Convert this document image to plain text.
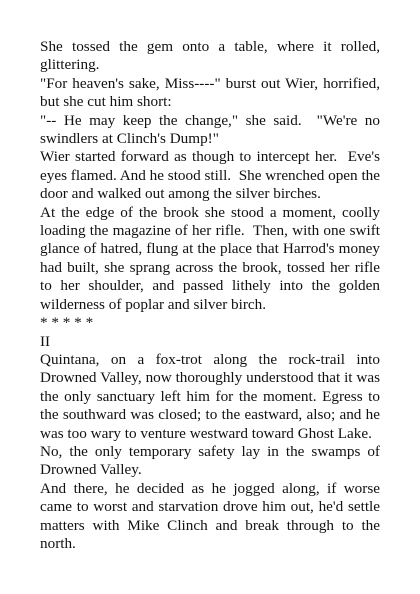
She tossed the gem onto a table, where it rolled, glittering.

"For heaven's sake, Miss----" burst out Wier, horrified, but she cut him short:

"-- He may keep the change," she said.  "We're no swindlers at Clinch's Dump!"

Wier started forward as though to intercept her.  Eve's eyes flamed. And he stood still.  She wrenched open the door and walked out among the silver birches.

At the edge of the brook she stood a moment, coolly loading the magazine of her rifle.  Then, with one swift glance of hatred, flung at the place that Harrod's money had built, she sprang across the brook, tossed her rifle to her shoulder, and passed lithely into the golden wilderness of poplar and silver birch.

* * * * *

II

Quintana, on a fox-trot along the rock-trail into Drowned Valley, now thoroughly understood that it was the only sanctuary left him for the moment. Egress to the southward was closed; to the eastward, also; and he was too wary to venture westward toward Ghost Lake.

No, the only temporary safety lay in the swamps of Drowned Valley.

And there, he decided as he jogged along, if worse came to worst and starvation drove him out, he'd settle matters with Mike Clinch and break through to the north.
